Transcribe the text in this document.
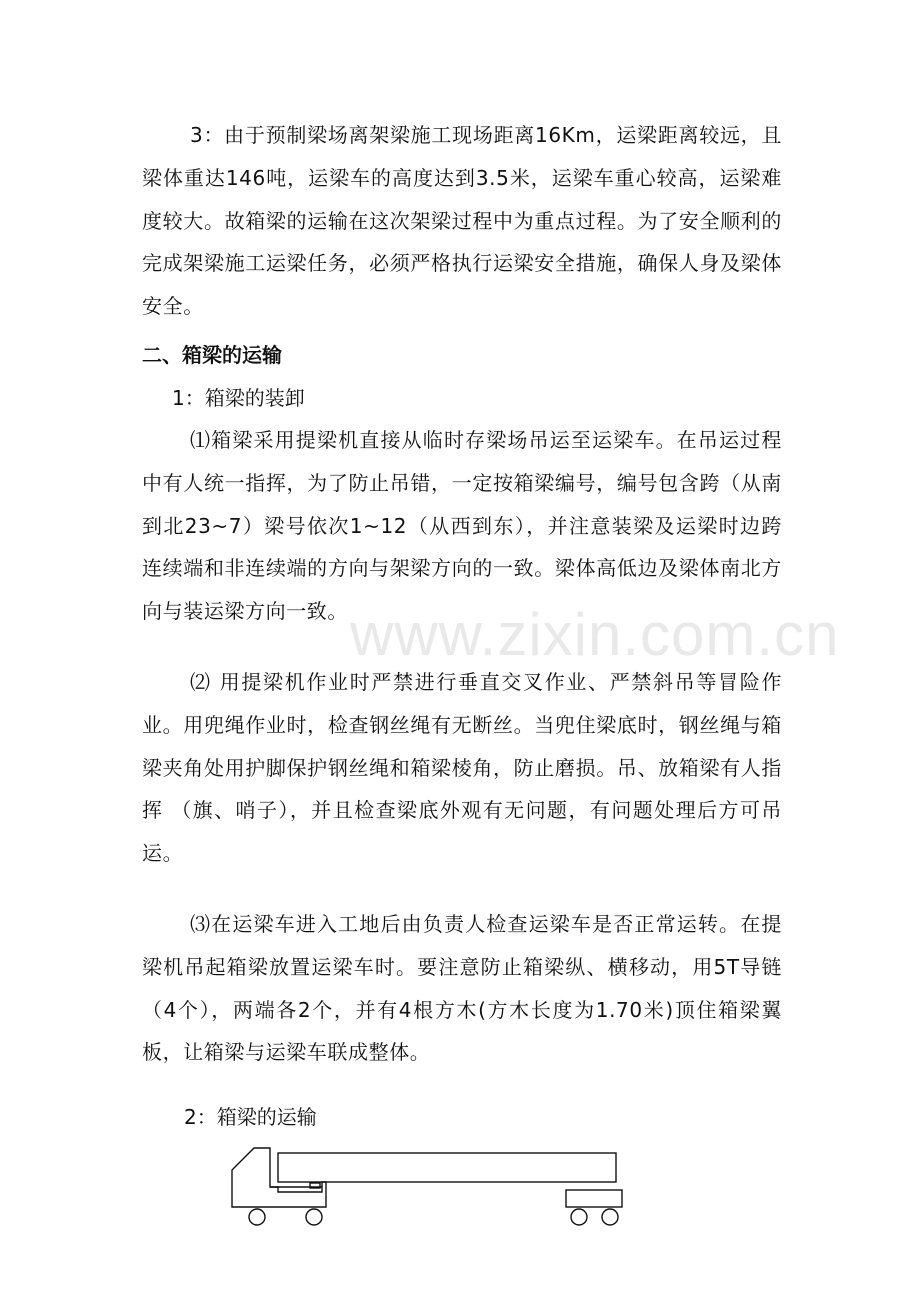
www.zixin.com.cn

3：由于预制梁场离架梁施工现场距离16Km，运梁距离较远，且梁体重达146吨，运梁车的高度达到3.5米，运梁车重心较高，运梁难度较大。故箱梁的运输在这次架梁过程中为重点过程。为了安全顺利的完成架梁施工运梁任务，必须严格执行运梁安全措施，确保人身及梁体安全。

二、箱梁的运输

1：箱梁的装卸

⑴箱梁采用提梁机直接从临时存梁场吊运至运梁车。在吊运过程中有人统一指挥，为了防止吊错，一定按箱梁编号，编号包含跨（从南到北23~7）梁号依次1~12（从西到东），并注意装梁及运梁时边跨连续端和非连续端的方向与架梁方向的一致。梁体高低边及梁体南北方向与装运梁方向一致。

⑵ 用提梁机作业时严禁进行垂直交叉作业、严禁斜吊等冒险作业。用兜绳作业时，检查钢丝绳有无断丝。当兜住梁底时，钢丝绳与箱梁夹角处用护脚保护钢丝绳和箱梁棱角，防止磨损。吊、放箱梁有人指挥 （旗、哨子），并且检查梁底外观有无问题，有问题处理后方可吊运。

⑶在运梁车进入工地后由负责人检查运梁车是否正常运转。在提梁机吊起箱梁放置运梁车时。要注意防止箱梁纵、横移动，用5T导链（4个），两端各2个，并有4根方木(方木长度为1.70米)顶住箱梁翼板，让箱梁与运梁车联成整体。

2：箱梁的运输
